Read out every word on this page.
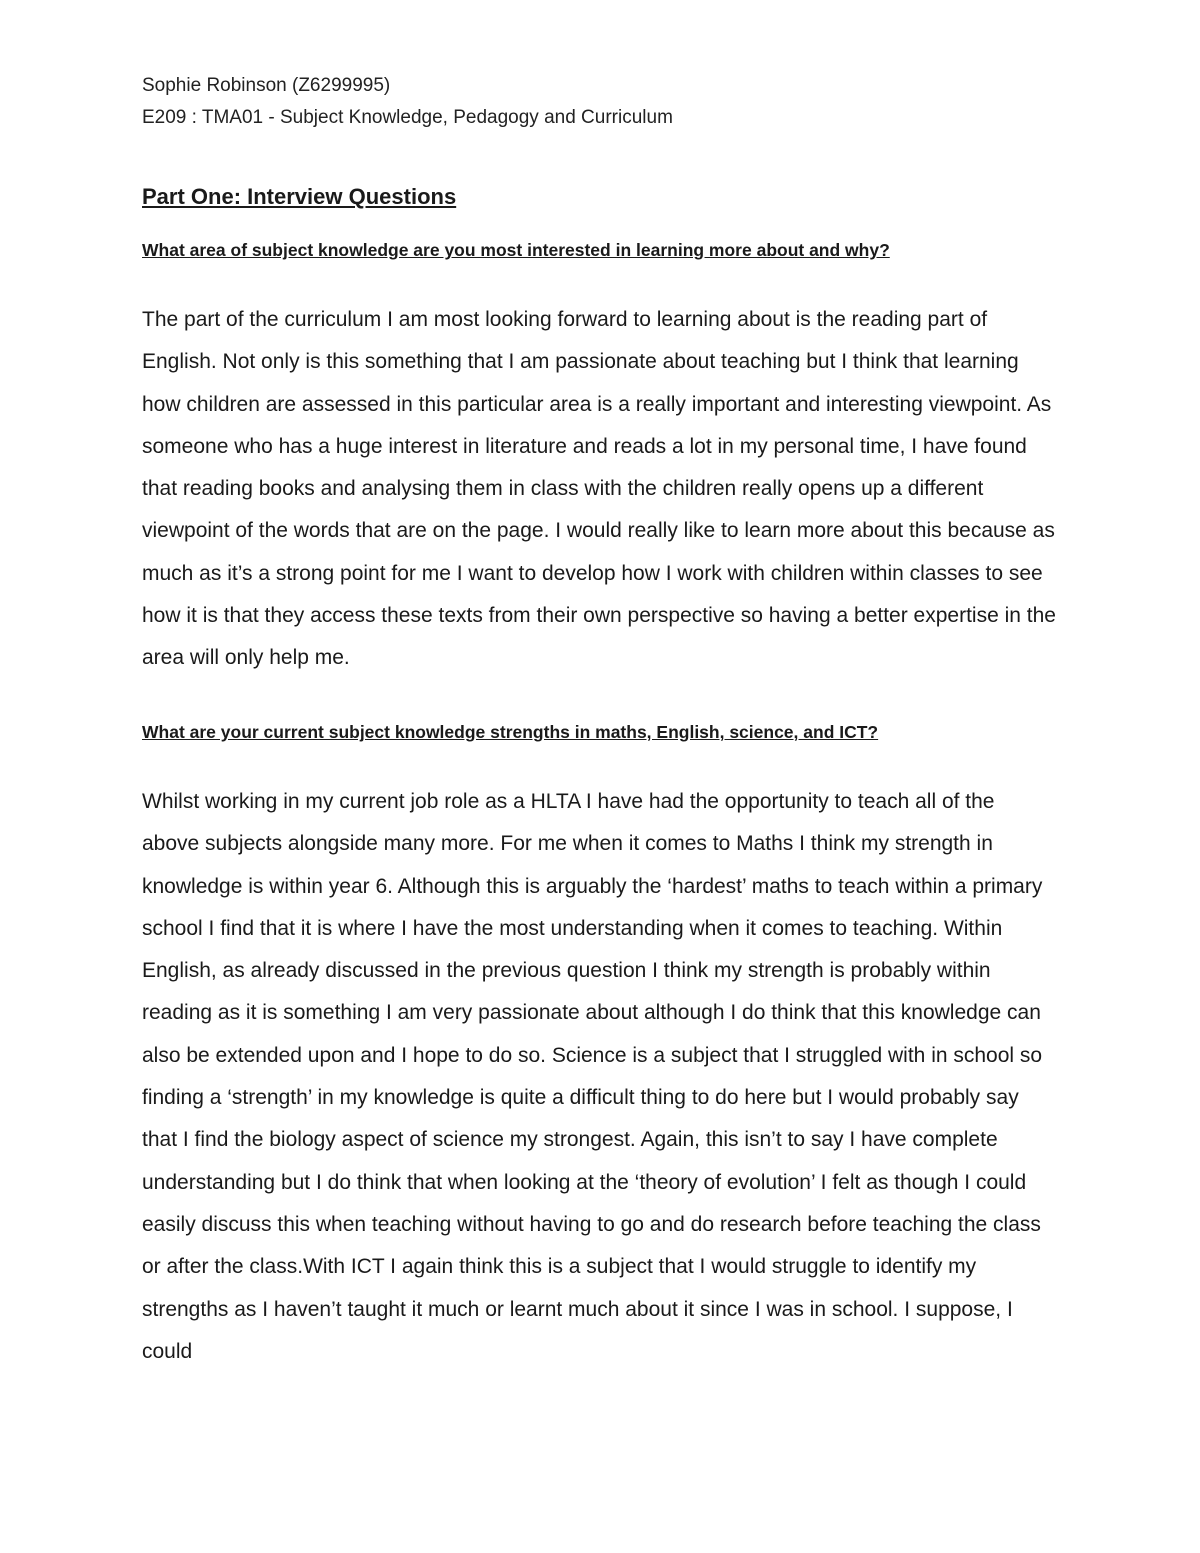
Sophie Robinson (Z6299995)

E209 : TMA01 - Subject Knowledge, Pedagogy and Curriculum

Part One: Interview Questions
What area of subject knowledge are you most interested in learning more about and why?

The part of the curriculum I am most looking forward to learning about is the reading part of English. Not only is this something that I am passionate about teaching but I think that learning how children are assessed in this particular area is a really important and interesting viewpoint. As someone who has a huge interest in literature and reads a lot in my personal time, I have found that reading books and analysing them in class with the children really opens up a different viewpoint of the words that are on the page. I would really like to learn more about this because as much as it’s a strong point for me I want to develop how I work with children within classes to see how it is that they access these texts from their own perspective so having a better expertise in the area will only help me.

What are your current subject knowledge strengths in maths, English, science, and ICT?

Whilst working in my current job role as a HLTA I have had the opportunity to teach all of the above subjects alongside many more. For me when it comes to Maths I think my strength in knowledge is within year 6. Although this is arguably the ‘hardest’ maths to teach within a primary school I find that it is where I have the most understanding when it comes to teaching. Within English, as already discussed in the previous question I think my strength is probably within reading as it is something I am very passionate about although I do think that this knowledge can also be extended upon and I hope to do so. Science is a subject that I struggled with in school so finding a ‘strength’ in my knowledge is quite a difficult thing to do here but I would probably say that I find the biology aspect of science my strongest. Again, this isn’t to say I have complete understanding but I do think that when looking at the ‘theory of evolution’ I felt as though I could easily discuss this when teaching without having to go and do research before teaching the class or after the class.With ICT I again think this is a subject that I would struggle to identify my strengths as I haven’t taught it much or learnt much about it since I was in school. I suppose, I could
